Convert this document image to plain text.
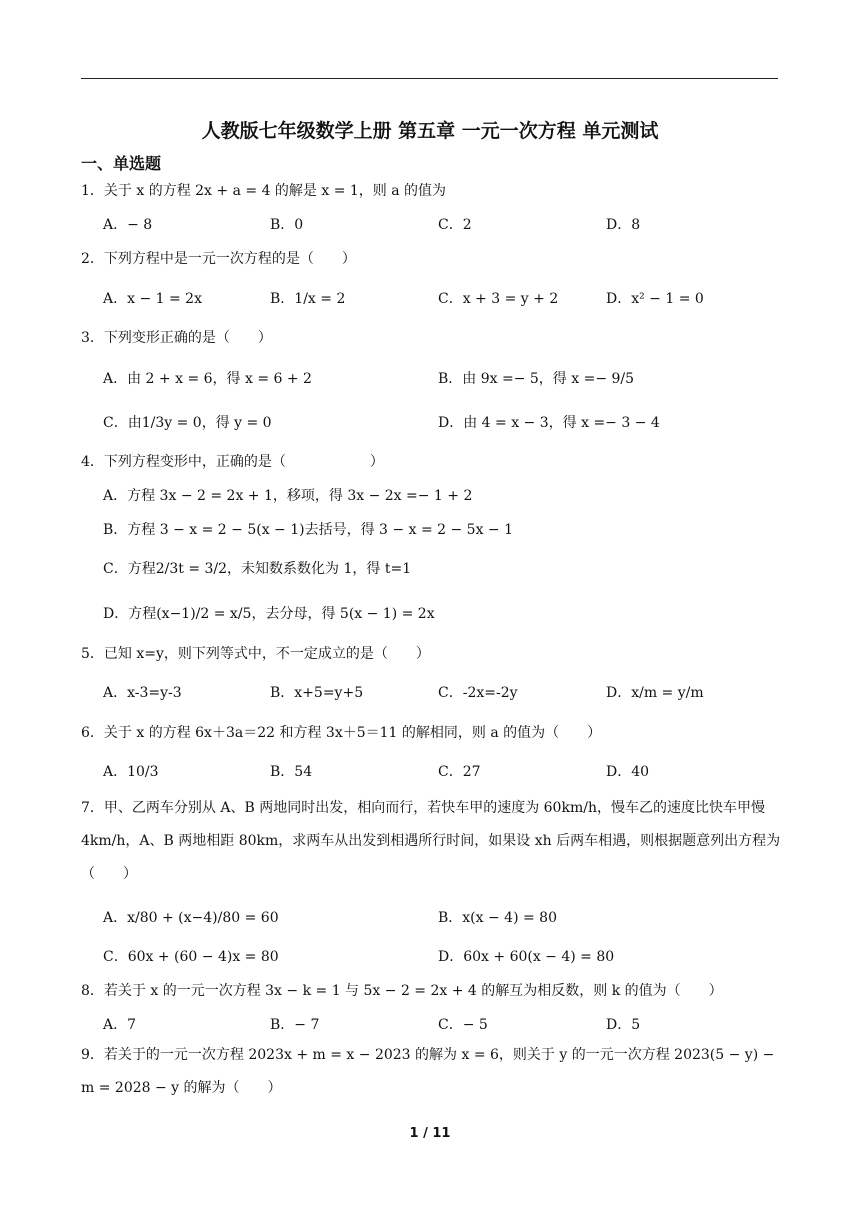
人教版七年级数学上册 第五章 一元一次方程 单元测试
一、单选题
1．关于 x 的方程 2x + a = 4 的解是 x = 1，则 a 的值为
A．− 8	B．0	C．2	D．8
2．下列方程中是一元一次方程的是（　　）
A．x − 1 = 2x	B．1/x = 2	C．x + 3 = y + 2	D．x² − 1 = 0
3．下列变形正确的是（　　）
A．由 2 + x = 6，得 x = 6 + 2	B．由 9x =− 5，得 x =− 9/5
C．由1/3y = 0，得 y = 0	D．由 4 = x − 3，得 x =− 3 − 4
4．下列方程变形中，正确的是（　　　　　　）
A．方程 3x − 2 = 2x + 1，移项，得 3x − 2x =− 1 + 2
B．方程 3 − x = 2 − 5(x − 1)去括号，得 3 − x = 2 − 5x − 1
C．方程2/3t = 3/2，未知数系数化为 1，得 t=1
D．方程(x−1)/2 = x/5，去分母，得 5(x − 1) = 2x
5．已知 x=y，则下列等式中，不一定成立的是（　　）
A．x-3=y-3	B．x+5=y+5	C．-2x=-2y	D．x/m = y/m
6．关于 x 的方程 6x＋3a＝22 和方程 3x＋5＝11 的解相同，则 a 的值为（　　）
A．10/3	B．54	C．27	D．40
7．甲、乙两车分别从 A、B 两地同时出发，相向而行，若快车甲的速度为 60km/h，慢车乙的速度比快车甲慢 4km/h，A、B 两地相距 80km，求两车从出发到相遇所行时间，如果设 xh 后两车相遇，则根据题意列出方程为（　　）
A．x/80 + (x−4)/80 = 60	B．x(x − 4) = 80
C．60x + (60 − 4)x = 80	D．60x + 60(x − 4) = 80
8．若关于 x 的一元一次方程 3x − k = 1 与 5x − 2 = 2x + 4 的解互为相反数，则 k 的值为（　　）
A．7	B．− 7	C．− 5	D．5
9．若关于的一元一次方程 2023x + m = x − 2023 的解为 x = 6，则关于 y 的一元一次方程 2023(5 − y) − m = 2028 − y 的解为（　　）
1 / 11
